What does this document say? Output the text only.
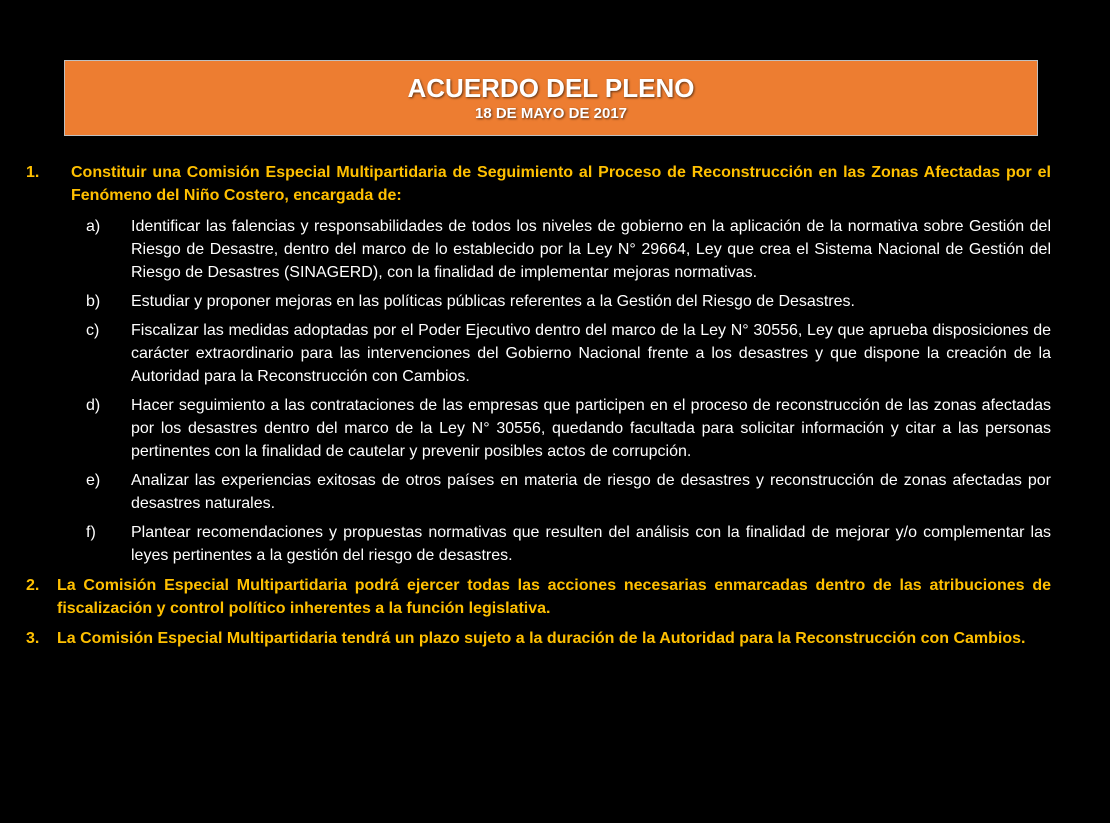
ACUERDO DEL PLENO
18 DE MAYO DE 2017
1. Constituir una Comisión Especial Multipartidaria de Seguimiento al Proceso de Reconstrucción en las Zonas Afectadas por el Fenómeno del Niño Costero, encargada de:
a) Identificar las falencias y responsabilidades de todos los niveles de gobierno en la aplicación de la normativa sobre Gestión del Riesgo de Desastre, dentro del marco de lo establecido por la Ley N° 29664, Ley que crea el Sistema Nacional de Gestión del Riesgo de Desastres (SINAGERD), con la finalidad de implementar mejoras normativas.
b) Estudiar y proponer mejoras en las políticas públicas referentes a la Gestión del Riesgo de Desastres.
c) Fiscalizar las medidas adoptadas por el Poder Ejecutivo dentro del marco de la Ley N° 30556, Ley que aprueba disposiciones de carácter extraordinario para las intervenciones del Gobierno Nacional frente a los desastres y que dispone la creación de la Autoridad para la Reconstrucción con Cambios.
d) Hacer seguimiento a las contrataciones de las empresas que participen en el proceso de reconstrucción de las zonas afectadas por los desastres dentro del marco de la Ley N° 30556, quedando facultada para solicitar información y citar a las personas pertinentes con la finalidad de cautelar y prevenir posibles actos de corrupción.
e) Analizar las experiencias exitosas de otros países en materia de riesgo de desastres y reconstrucción de zonas afectadas por desastres naturales.
f) Plantear recomendaciones y propuestas normativas que resulten del análisis con la finalidad de mejorar y/o complementar las leyes pertinentes a la gestión del riesgo de desastres.
2. La Comisión Especial Multipartidaria podrá ejercer todas las acciones necesarias enmarcadas dentro de las atribuciones de fiscalización y control político inherentes a la función legislativa.
3. La Comisión Especial Multipartidaria tendrá un plazo sujeto a la duración de la Autoridad para la Reconstrucción con Cambios.
